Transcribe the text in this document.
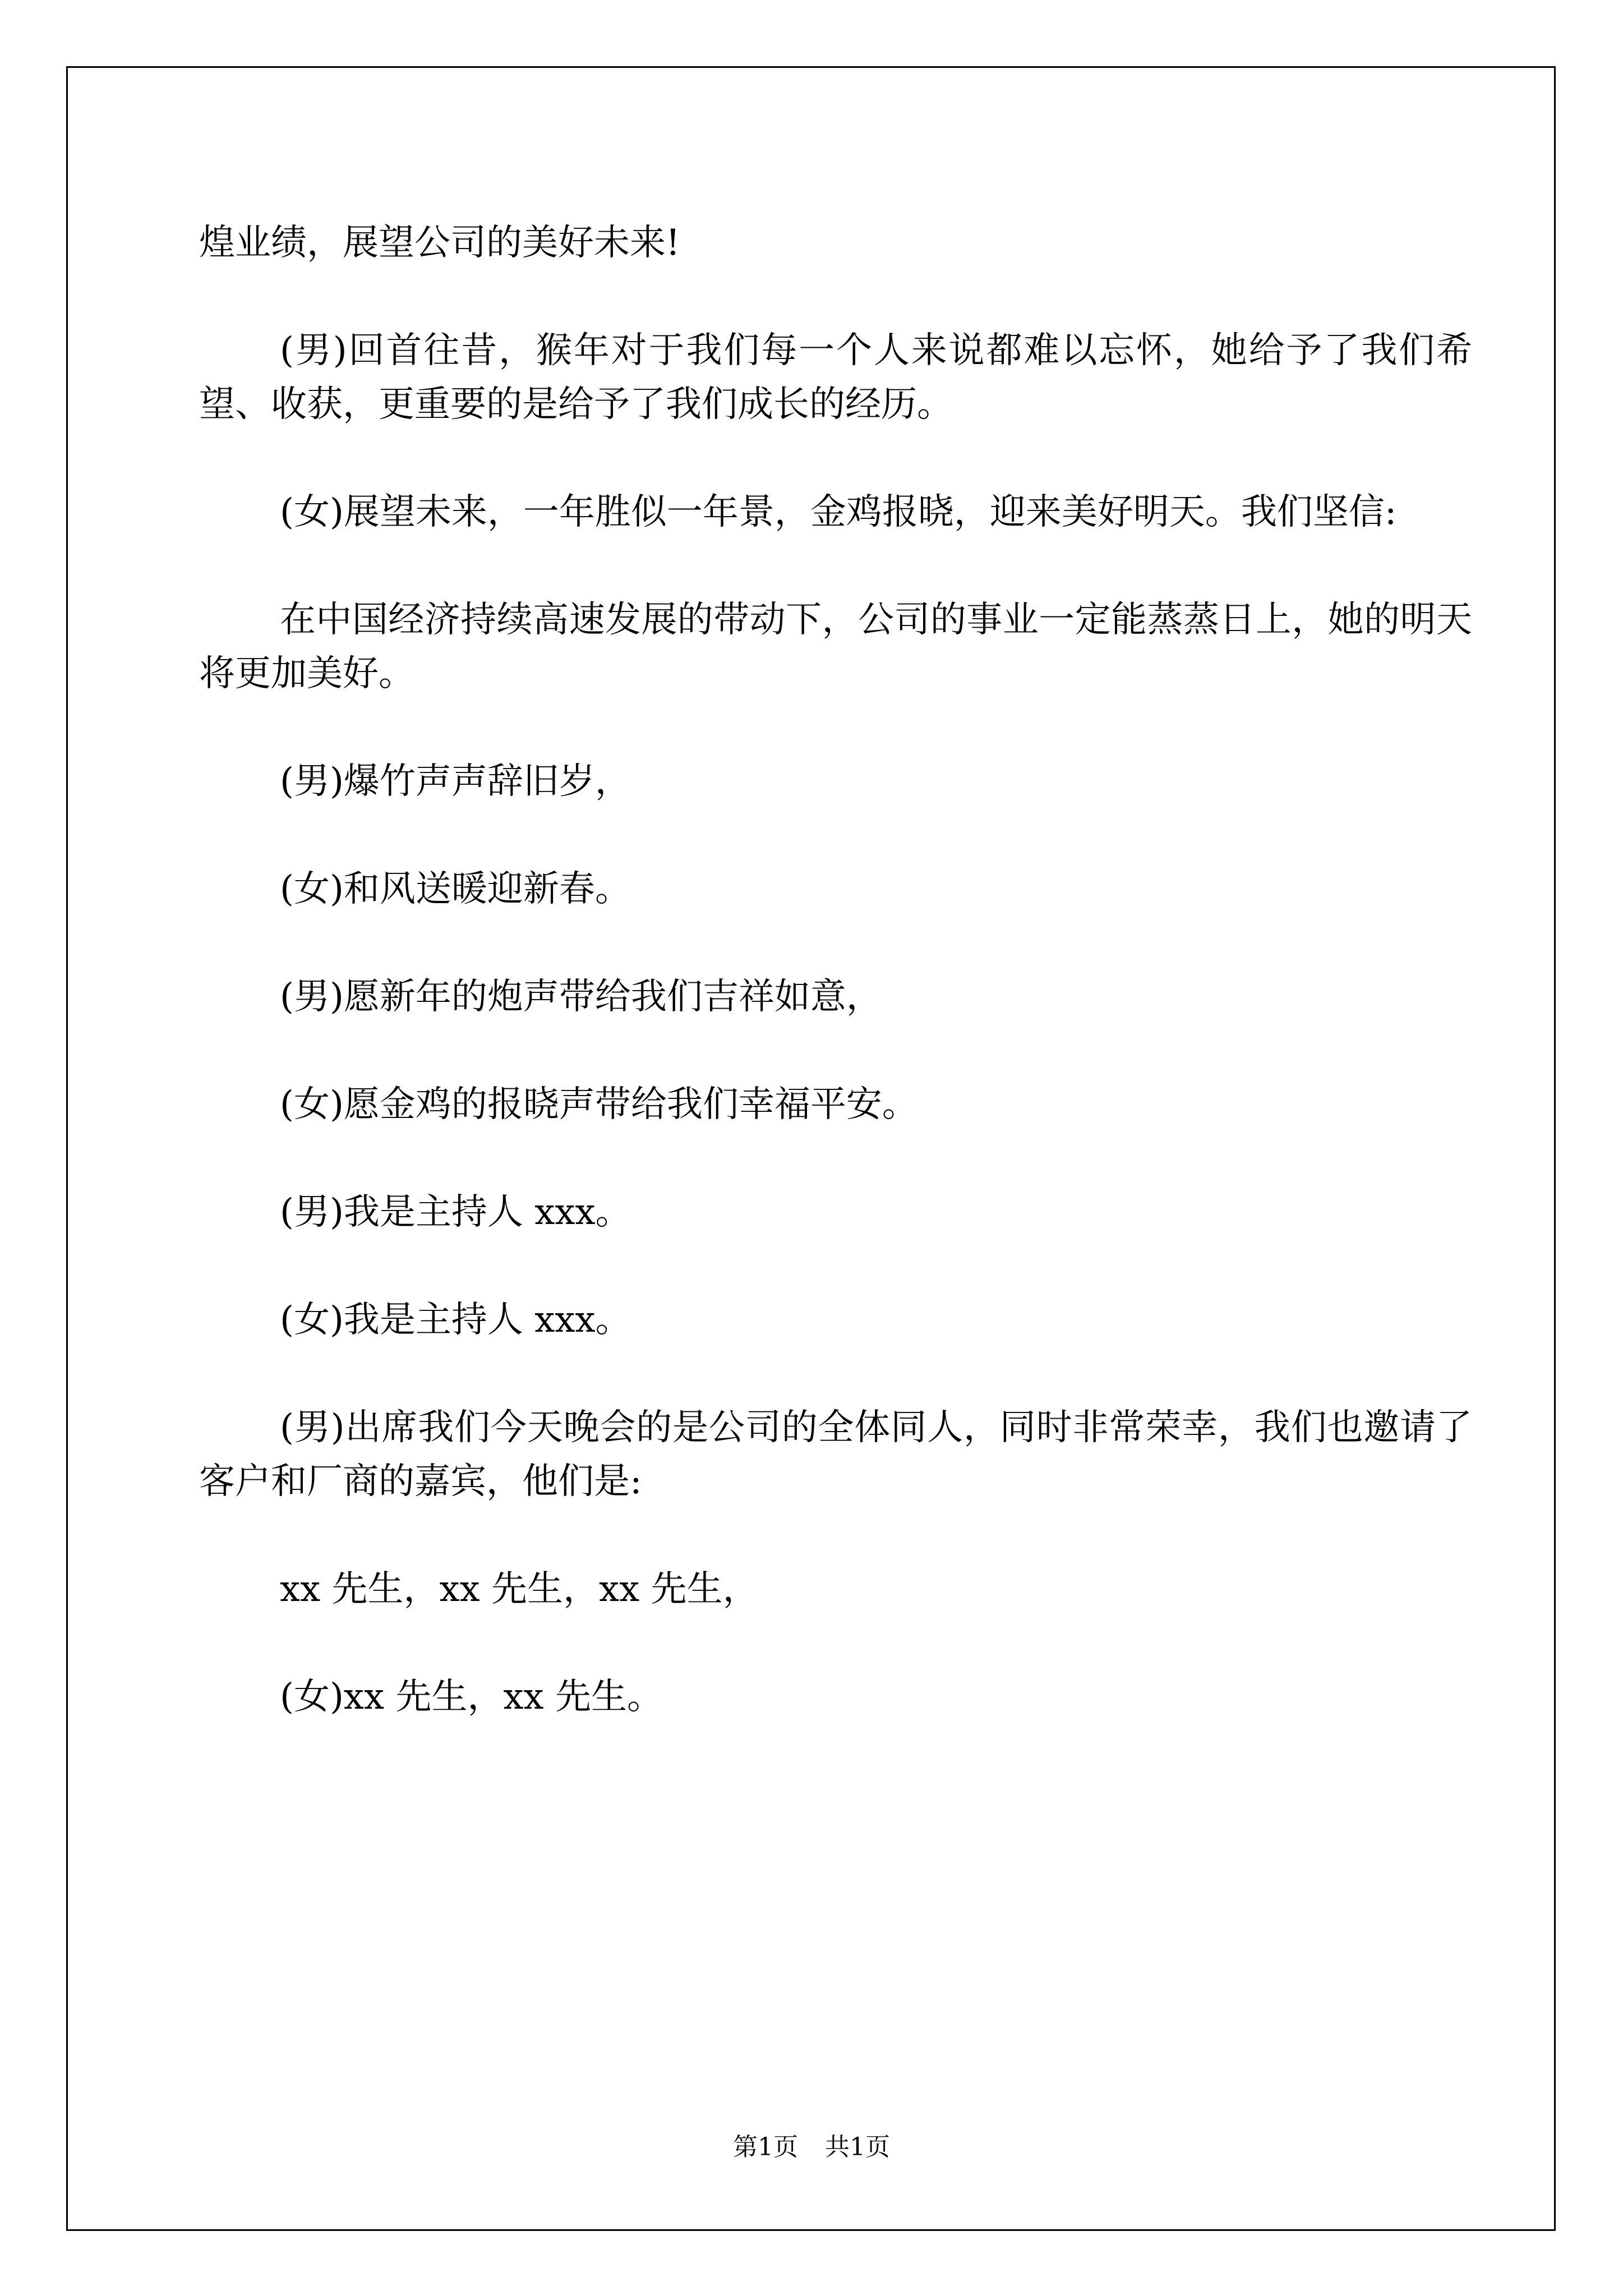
煌业绩，展望公司的美好未来!

(男)回首往昔，猴年对于我们每一个人来说都难以忘怀，她给予了我们希望、收获，更重要的是给予了我们成长的经历。

(女)展望未来，一年胜似一年景，金鸡报晓，迎来美好明天。我们坚信:

在中国经济持续高速发展的带动下，公司的事业一定能蒸蒸日上，她的明天将更加美好。

(男)爆竹声声辞旧岁，

(女)和风送暖迎新春。

(男)愿新年的炮声带给我们吉祥如意，

(女)愿金鸡的报晓声带给我们幸福平安。

(男)我是主持人 xxx。

(女)我是主持人 xxx。

(男)出席我们今天晚会的是公司的全体同人，同时非常荣幸，我们也邀请了客户和厂商的嘉宾，他们是:

xx 先生，xx 先生，xx 先生，

(女)xx 先生，xx 先生。

第1页 共1页
